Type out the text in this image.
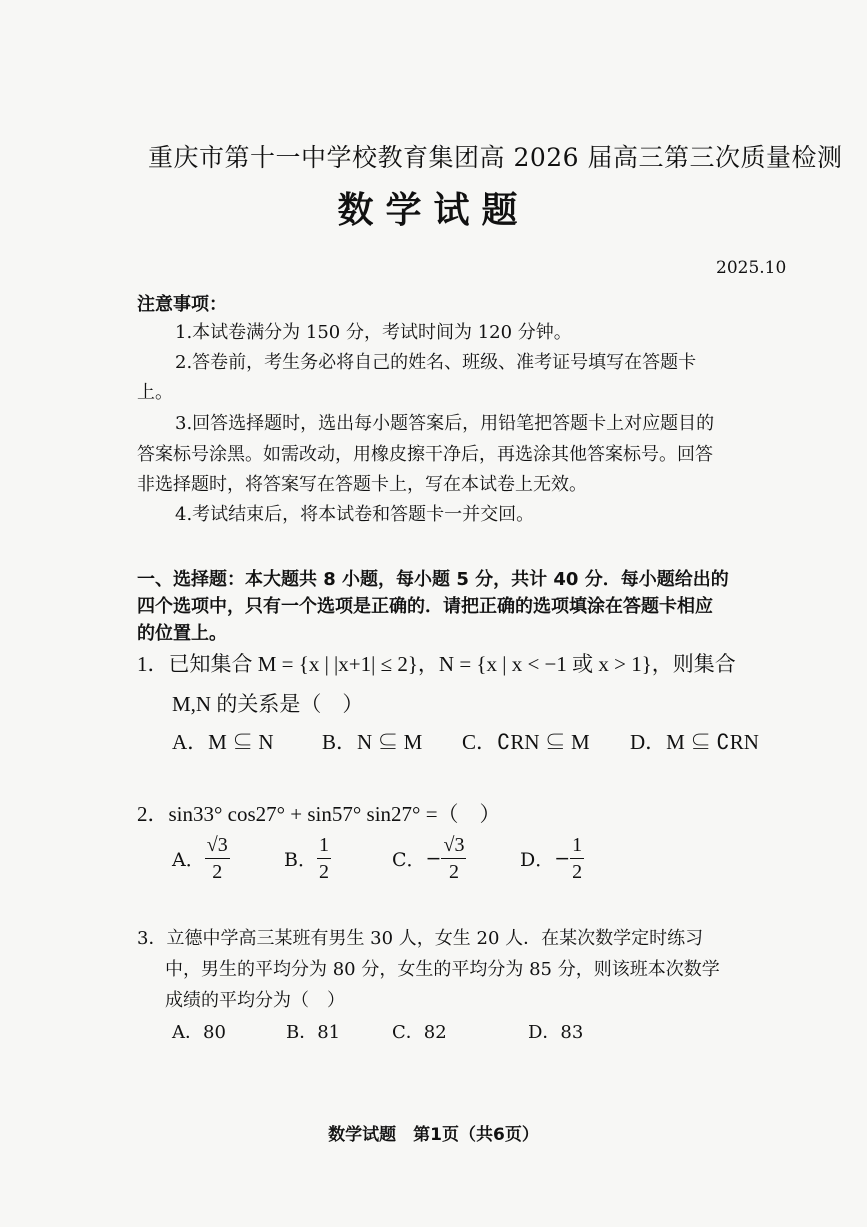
重庆市第十一中学校教育集团高 2026 届高三第三次质量检测
数学试题
2025.10
注意事项：
1.本试卷满分为 150 分，考试时间为 120 分钟。
2.答卷前，考生务必将自己的姓名、班级、准考证号填写在答题卡
上。
3.回答选择题时，选出每小题答案后，用铅笔把答题卡上对应题目的
答案标号涂黑。如需改动，用橡皮擦干净后，再选涂其他答案标号。回答
非选择题时，将答案写在答题卡上，写在本试卷上无效。
4.考试结束后，将本试卷和答题卡一并交回。
一、选择题：本大题共 8 小题，每小题 5 分，共计 40 分．每小题给出的
四个选项中，只有一个选项是正确的．请把正确的选项填涂在答题卡相应
的位置上。
1．已知集合 M = {x | |x+1| ≤ 2}，N = {x | x < −1 或 x > 1}，则集合
M,N 的关系是（　）
A．M ⊆ N B．N ⊆ M C．∁RN ⊆ M D．M ⊆ ∁RN
2．sin33° cos27° + sin57° sin27° =（　）
A． $\frac{√3}{2}$	B． $\frac{1}{2}$	C．− $\frac{√3}{2}$	D．− $\frac{1}{2}$
3．立德中学高三某班有男生 30 人，女生 20 人．在某次数学定时练习
中，男生的平均分为 80 分，女生的平均分为 85 分，则该班本次数学
成绩的平均分为（　）
A．80	B．81	C．82	D．83
数学试题　第1页（共6页）
